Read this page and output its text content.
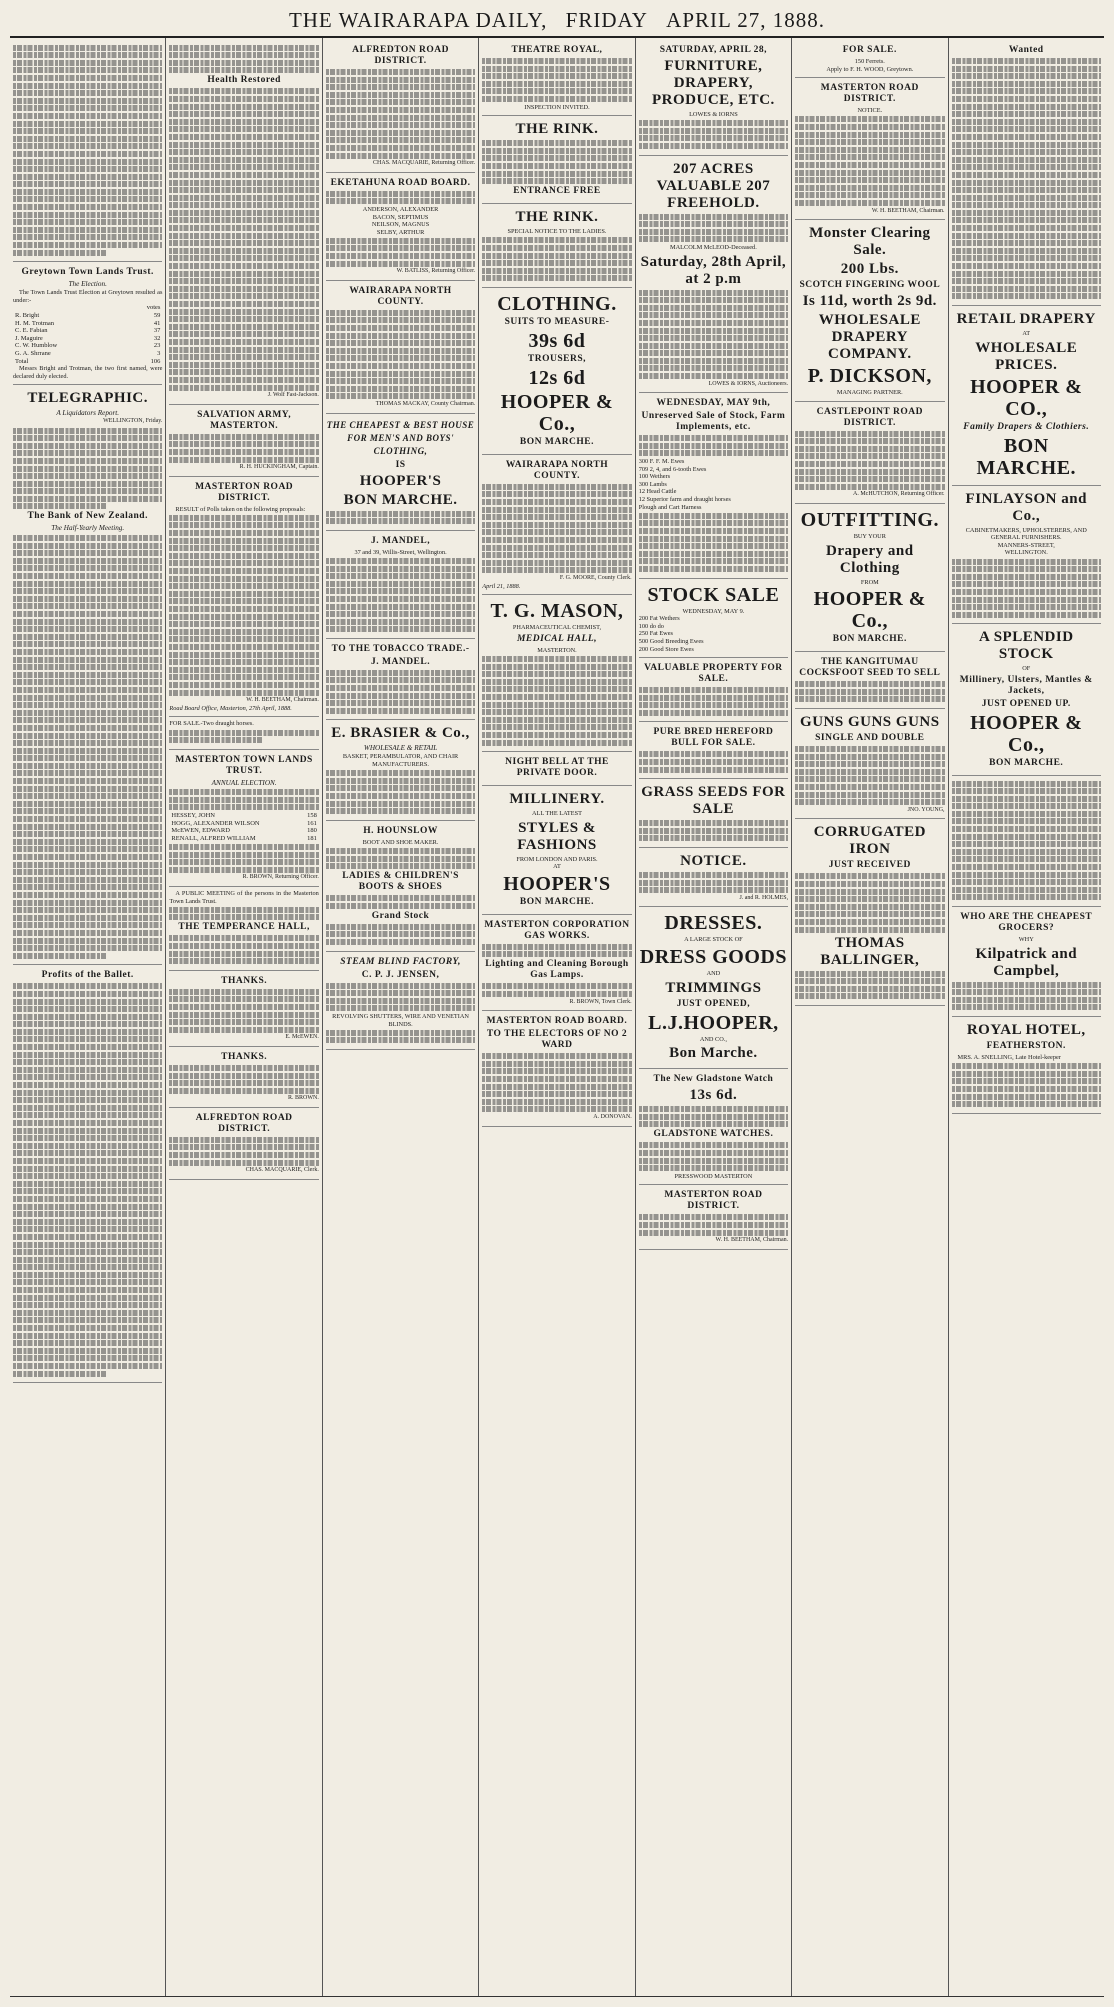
THE WAIRARAPA DAILY, FRIDAY APRIL 27, 1888.
Greytown Town Lands Trust.
The Election.
The Town Lands Trust Election at Greytown resulted as under:-
	votes
R. Bright	59
H. M. Trotman	41
C. E. Fabian	37
J. Maguire	32
C. W. Humblow	23
G. A. Shrrane	3
Total	106
Messrs Bright and Trotman, the two first named, were declared duly elected.
TELEGRAPHIC.
A Liquidators Report.
WELLINGTON, Friday.
The Bank of New Zealand.
The Half-Yearly Meeting.
Profits of the Ballet.
Health Restored
J. Wolf Fast-Jackson.
SALVATION ARMY, MASTERTON.
R. H. HUCKINGHAM, Captain.
MASTERTON ROAD DISTRICT.
RESULT of Polls taken on the following proposals:
W. H. BEETHAM, Chairman.
Road Board Office, Masterton, 27th April, 1888.
FOR SALE.-Two draught horses.
MASTERTON TOWN LANDS TRUST.
ANNUAL ELECTION.
HESSEY, JOHN	158
HOGG, ALEXANDER WILSON	161
McEWEN, EDWARD	180
RENALL, ALFRED WILLIAM	181
R. BROWN, Returning Officer.
A PUBLIC MEETING of the persons in the Masterton Town Lands Trust.
THE TEMPERANCE HALL,
THANKS.
E. McEWEN.
THANKS.
R. BROWN.
ALFREDTON ROAD DISTRICT.
CHAS. MACQUARIE, Clerk.
ALFREDTON ROAD DISTRICT.
CHAS. MACQUARIE, Returning Officer.
EKETAHUNA ROAD BOARD.
ANDERSON, ALEXANDER
BACON, SEPTIMUS
NEILSON, MAGNUS
SELBY, ARTHUR
W. BATLISS, Returning Officer.
WAIRARAPA NORTH COUNTY.
THOMAS MACKAY, County Chairman.
THE CHEAPEST & BEST HOUSE FOR MEN'S AND BOYS' CLOTHING,
IS
HOOPER'S
BON MARCHE.
J. MANDEL,
37 and 39, Willis-Street, Wellington.
TO THE TOBACCO TRADE.-
J. MANDEL.
E. BRASIER & Co.,
WHOLESALE & RETAIL
BASKET, PERAMBULATOR, AND CHAIR MANUFACTURERS.
H. HOUNSLOW
BOOT AND SHOE MAKER.
LADIES & CHILDREN'S BOOTS & SHOES
Grand Stock
STEAM BLIND FACTORY,
C. P. J. JENSEN,
REVOLVING SHUTTERS, WIRE AND VENETIAN BLINDS.
THEATRE ROYAL,
INSPECTION INVITED.
THE RINK.
ENTRANCE FREE
THE RINK.
SPECIAL NOTICE TO THE LADIES.
CLOTHING.
SUITS TO MEASURE-
39s 6d
TROUSERS,
12s 6d
HOOPER & Co.,
BON MARCHE.
WAIRARAPA NORTH COUNTY.
F. G. MOORE, County Clerk.
April 21, 1888.
T. G. MASON,
PHARMACEUTICAL CHEMIST,
MEDICAL HALL,
MASTERTON.
NIGHT BELL AT THE PRIVATE DOOR.
MILLINERY.
ALL THE LATEST
STYLES & FASHIONS
FROM LONDON AND PARIS.
AT
HOOPER'S
BON MARCHE.
MASTERTON CORPORATION GAS WORKS.
Lighting and Cleaning Borough Gas Lamps.
R. BROWN, Town Clerk.
MASTERTON ROAD BOARD.
TO THE ELECTORS OF NO 2 WARD
A. DONOVAN.
SATURDAY, APRIL 28,
FURNITURE, DRAPERY, PRODUCE, ETC.
LOWES & IORNS
207 ACRES VALUABLE 207 FREEHOLD.
MALCOLM McLEOD-Deceased.
Saturday, 28th April, at 2 p.m
LOWES & IORNS, Auctioneers.
WEDNESDAY, MAY 9th,
Unreserved Sale of Stock, Farm Implements, etc.
300 F. F. M. Ewes
709 2, 4, and 6-tooth Ewes
100 Wethers
300 Lambs
12 Head Cattle
12 Superior farm and draught horses
Plough and Cart Harness
STOCK SALE
WEDNESDAY, MAY 9.
200 Fat Wethers
100 do do
250 Fat Ewes
500 Good Breeding Ewes
200 Good Store Ewes
VALUABLE PROPERTY FOR SALE.
PURE BRED HEREFORD BULL FOR SALE.
GRASS SEEDS FOR SALE
NOTICE.
J. and R. HOLMES,
DRESSES.
A LARGE STOCK OF
DRESS GOODS
AND
TRIMMINGS
JUST OPENED,
L.J.HOOPER,
AND CO.,
Bon Marche.
The New Gladstone Watch
13s 6d.
GLADSTONE WATCHES.
PRESSWOOD MASTERTON
MASTERTON ROAD DISTRICT.
W. H. BEETHAM, Chairman.
FOR SALE.
150 Ferrets.
Apply to F. H. WOOD, Greytown.
MASTERTON ROAD DISTRICT.
NOTICE.
W. H. BEETHAM, Chairman.
Monster Clearing Sale.
200 Lbs.
SCOTCH FINGERING WOOL
Is 11d, worth 2s 9d.
WHOLESALE DRAPERY COMPANY.
P. DICKSON,
MANAGING PARTNER.
CASTLEPOINT ROAD DISTRICT.
A. McHUTCHON, Returning Officer.
OUTFITTING.
BUY YOUR
Drapery and Clothing
FROM
HOOPER & Co.,
BON MARCHE.
THE KANGITUMAU COCKSFOOT SEED TO SELL
GUNS GUNS GUNS
SINGLE AND DOUBLE
JNO. YOUNG,
CORRUGATED IRON
JUST RECEIVED
THOMAS BALLINGER,
Wanted
RETAIL DRAPERY
AT
WHOLESALE PRICES.
HOOPER & CO.,
Family Drapers & Clothiers.
BON MARCHE.
FINLAYSON and Co.,
CABINETMAKERS, UPHOLSTERERS, AND GENERAL FURNISHERS.
MANNERS-STREET,
WELLINGTON.
A SPLENDID STOCK
OF
Millinery, Ulsters, Mantles & Jackets,
JUST OPENED UP.
HOOPER & Co.,
BON MARCHE.
WHO ARE THE CHEAPEST GROCERS?
WHY
Kilpatrick and Campbel,
ROYAL HOTEL,
FEATHERSTON.
MRS. A. SNELLING, Late Hotel-keeper
